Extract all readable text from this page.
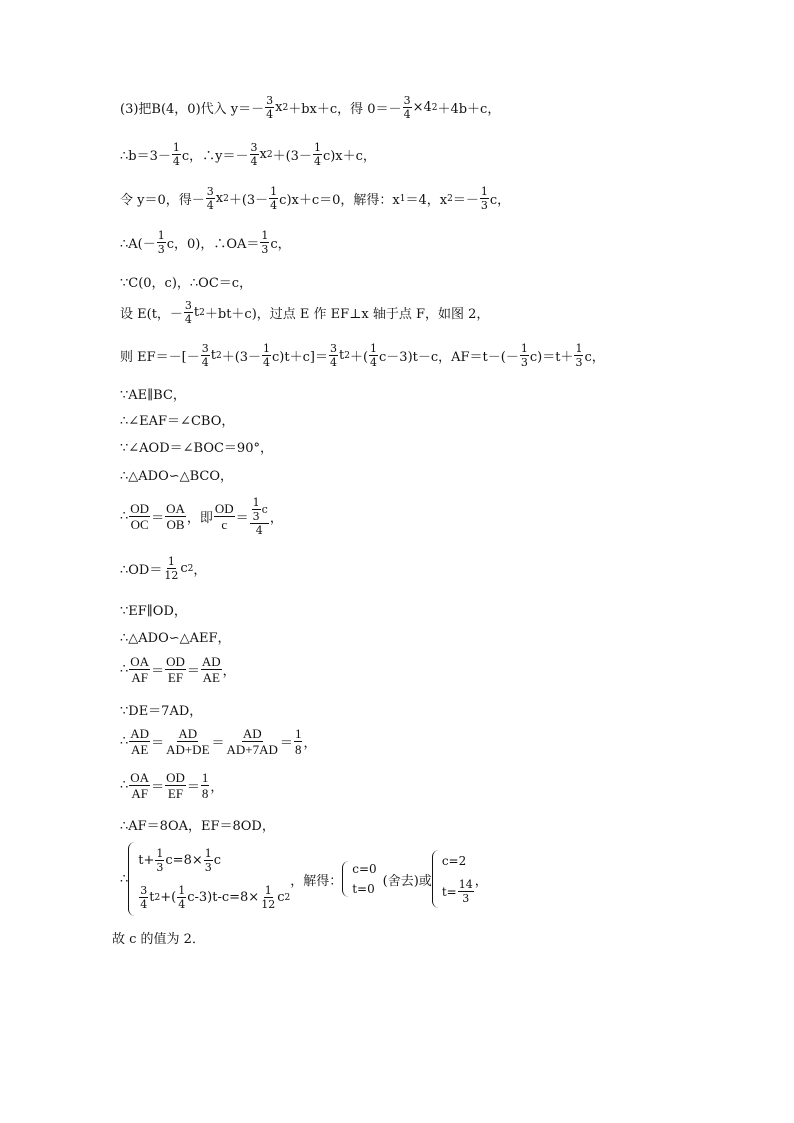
(3)把B(4，0)代入 $y=- \frac{3}{4}$ x 2 ＋bx＋c，得 $0=- \frac{3}{4} \times 4$ 2 ＋4b＋c，
∴b＝3－ $\frac{1}{4}$ c，∴y＝－ $\frac{3}{4}$ x $2 +(3- \frac{1}{4} c)x+c$，
令 y＝0，得－ $\frac{3}{4}$ x $2 +(3- \frac{1}{4} c)x+c=0$，解得：x 1 ＝4，x $2 =- \frac{1}{3}$ c，
∴A(－ $\frac{1}{3}$ c，0)，∴OA＝ $\frac{1}{3}$ c，
∵C(0，c)，∴OC＝c，
设 E(t，－ $\frac{3}{4}$ t 2 ＋bt＋c)，过点 E 作 EF⊥x 轴于点 F，如图 2，
则 $EF=-[- \frac{3}{4}$ t $2 +(3- \frac{1}{4} c)t+c]= \frac{3}{4}$ t 2 ＋( $\frac{1}{4} c-3)t-c$，$AF=t-(- \frac{1}{3} c)=t+ \frac{1}{3}$ c，
∵AE∥BC，
∴∠EAF＝∠CBO，
∵∠AOD＝∠BOC＝90°，
∴△ADO∽△BCO，
∴ $\frac{OD}{OC} = \frac{OA}{OB}$ ，即 $\frac{OD}{c} = \frac{\frac{1}{3} c}{4}$ ，
∴OD＝ $\frac{1}{12}$ c 2 ，
∵EF∥OD，
∴△ADO∽△AEF，
∴ $\frac{OA}{AF} = \frac{OD}{EF} = \frac{AD}{AE}$ ，
∵DE＝7AD，
∴ $\frac{AD}{AE} = \frac{AD}{AD+DE} = \frac{AD}{AD+7AD} = \frac{1}{8}$ ，
∴ $\frac{OA}{AF} = \frac{OD}{EF} = \frac{1}{8}$ ，
∴AF＝8OA，EF＝8OD，
∴
$t+ \frac{1}{3} c=8\times \frac{1}{3}$ c
$\frac{3}{4}$ t 2 +( $\frac{1}{4} c-3)t-c=8\times \frac{1}{12}$ c 2
，解得：
c=0
t=0
(舍去)或
c=2
$t= \frac{14}{3}$ ，
故 c 的值为 2．
